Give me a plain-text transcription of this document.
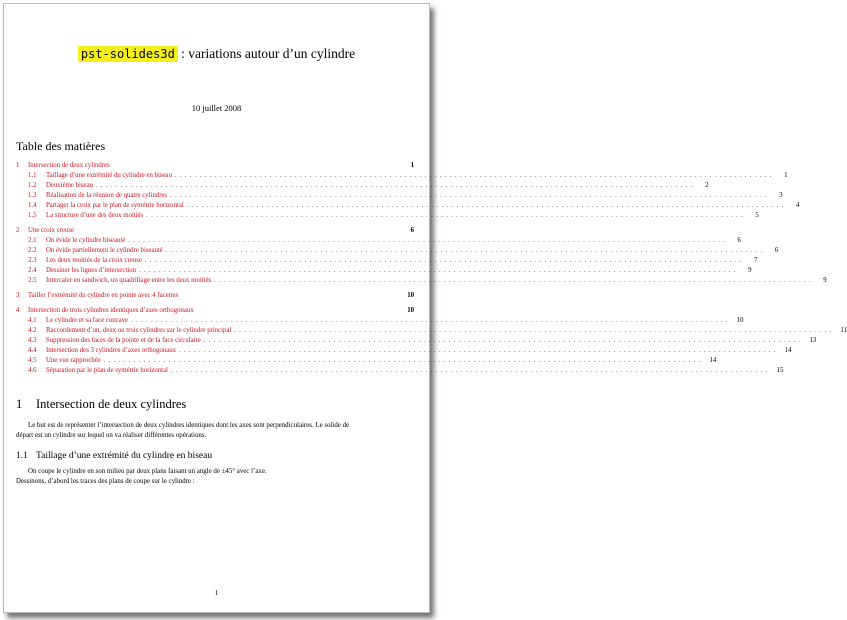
pst-solides3d : variations autour d’un cylindre
10 juillet 2008
Table des matières
1	Intersection de deux cylindres	1
1.1	Taillage d’une extrémité du cylindre en biseau . . . . . . . . . . . . . . . . . . . . . . . . . . . . . . . . . . . . . . . . . . . . . . . . . . . . . . . . . . . . . . . . . . . . . . . . . . . . . . . . . . . . . . . . . . . . . . . . . . . . . . . . . . . . . . . . . . . . . . . .	1
1.2	Deuxième biseau . . . . . . . . . . . . . . . . . . . . . . . . . . . . . . . . . . . . . . . . . . . . . . . . . . . . . . . . . . . . . . . . . . . . . . . . . . . . . . . . . . . . . . . . . . . . . . . . . . . . . . . . . . . . . . . . . . . . . . . .	2
1.3	Réalisation de la réunion de quatre cylindres . . . . . . . . . . . . . . . . . . . . . . . . . . . . . . . . . . . . . . . . . . . . . . . . . . . . . . . . . . . . . . . . . . . . . . . . . . . . . . . . . . . . . . . . . . . . . . . . . . . . . . . . . . . . . . . . . . . . . . . .	3
1.4	Partager la croix par le plan de symétrie horizontal . . . . . . . . . . . . . . . . . . . . . . . . . . . . . . . . . . . . . . . . . . . . . . . . . . . . . . . . . . . . . . . . . . . . . . . . . . . . . . . . . . . . . . . . . . . . . . . . . . . . . . . . . . . . . . . . . . . . . . . .	4
1.5	La structure d’une des deux moitiés . . . . . . . . . . . . . . . . . . . . . . . . . . . . . . . . . . . . . . . . . . . . . . . . . . . . . . . . . . . . . . . . . . . . . . . . . . . . . . . . . . . . . . . . . . . . . . . . . . . . . . . . . . . . . . . . . . . . . . . .	5
2	Une croix creuse	6
2.1	On évide le cylindre biseauté . . . . . . . . . . . . . . . . . . . . . . . . . . . . . . . . . . . . . . . . . . . . . . . . . . . . . . . . . . . . . . . . . . . . . . . . . . . . . . . . . . . . . . . . . . . . . . . . . . . . . . . . . . . . . . . . . . . . . . . .	6
2.2	On évide partiellement le cylindre biseauté . . . . . . . . . . . . . . . . . . . . . . . . . . . . . . . . . . . . . . . . . . . . . . . . . . . . . . . . . . . . . . . . . . . . . . . . . . . . . . . . . . . . . . . . . . . . . . . . . . . . . . . . . . . . . . . . . . . . . . . .	6
2.3	Les deux moitiés de la croix creuse . . . . . . . . . . . . . . . . . . . . . . . . . . . . . . . . . . . . . . . . . . . . . . . . . . . . . . . . . . . . . . . . . . . . . . . . . . . . . . . . . . . . . . . . . . . . . . . . . . . . . . . . . . . . . . . . . . . . . . . .	7
2.4	Dessiner les lignes d’intersection . . . . . . . . . . . . . . . . . . . . . . . . . . . . . . . . . . . . . . . . . . . . . . . . . . . . . . . . . . . . . . . . . . . . . . . . . . . . . . . . . . . . . . . . . . . . . . . . . . . . . . . . . . . . . . . . . . . . . . . .	9
2.5	Intercaler en sandwich, un quadrillage entre les deux moitiés . . . . . . . . . . . . . . . . . . . . . . . . . . . . . . . . . . . . . . . . . . . . . . . . . . . . . . . . . . . . . . . . . . . . . . . . . . . . . . . . . . . . . . . . . . . . . . . . . . . . . . . . . . . . . . . . . . . . . . . .	9
3	Tailler l’extrémité du cylindre en pointe avec 4 facettes	10
4	Intersection de trois cylindres identiques d’axes orthogonaux	10
4.1	Le cylindre et sa face concave . . . . . . . . . . . . . . . . . . . . . . . . . . . . . . . . . . . . . . . . . . . . . . . . . . . . . . . . . . . . . . . . . . . . . . . . . . . . . . . . . . . . . . . . . . . . . . . . . . . . . . . . . . . . . . . . . . . . . . . .	10
4.2	Raccordement d’un, deux ou trois cylindres sur le cylindre principal . . . . . . . . . . . . . . . . . . . . . . . . . . . . . . . . . . . . . . . . . . . . . . . . . . . . . . . . . . . . . . . . . . . . . . . . . . . . . . . . . . . . . . . . . . . . . . . . . . . . . . . . . . . . . . . . . . . . . . . .	11
4.3	Suppression des faces de la pointe et de la face circulaire . . . . . . . . . . . . . . . . . . . . . . . . . . . . . . . . . . . . . . . . . . . . . . . . . . . . . . . . . . . . . . . . . . . . . . . . . . . . . . . . . . . . . . . . . . . . . . . . . . . . . . . . . . . . . . . . . . . . . . . .	13
4.4	Intersection des 3 cylindres d’axes orthogonaux . . . . . . . . . . . . . . . . . . . . . . . . . . . . . . . . . . . . . . . . . . . . . . . . . . . . . . . . . . . . . . . . . . . . . . . . . . . . . . . . . . . . . . . . . . . . . . . . . . . . . . . . . . . . . . . . . . . . . . . .	14
4.5	Une vue rapprochée . . . . . . . . . . . . . . . . . . . . . . . . . . . . . . . . . . . . . . . . . . . . . . . . . . . . . . . . . . . . . . . . . . . . . . . . . . . . . . . . . . . . . . . . . . . . . . . . . . . . . . . . . . . . . . . . . . . . . . . .	14
4.6	Séparation par le plan de symétrie horizontal . . . . . . . . . . . . . . . . . . . . . . . . . . . . . . . . . . . . . . . . . . . . . . . . . . . . . . . . . . . . . . . . . . . . . . . . . . . . . . . . . . . . . . . . . . . . . . . . . . . . . . . . . . . . . . . . . . . . . . . .	15
1 Intersection de deux cylindres
Le but est de représenter l’intersection de deux cylindres identiques dont les axes sont perpendiculaires. Le solide de
départ est un cylindre sur lequel on va réaliser différentes opérations.
1.1 Taillage d’une extrémité du cylindre en biseau
On coupe le cylindre en son milieu par deux plans faisant un angle de ±45° avec l’axe.
Dessinons, d’abord les traces des plans de coupe sur le cylindre :
1
